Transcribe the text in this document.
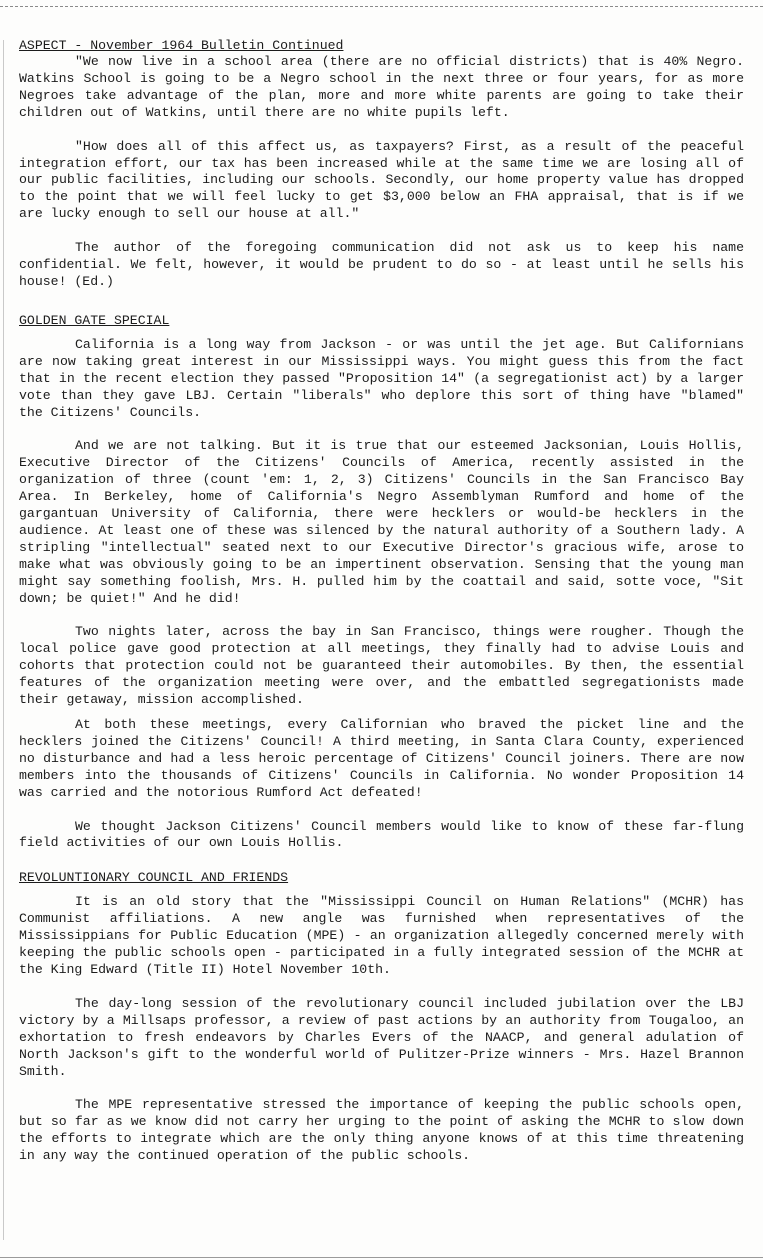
ASPECT - November 1964 Bulletin Continued

"We now live in a school area (there are no official districts) that is 40% Negro. Watkins School is going to be a Negro school in the next three or four years, for as more Negroes take advantage of the plan, more and more white parents are going to take their children out of Watkins, until there are no white pupils left.

"How does all of this affect us, as taxpayers? First, as a result of the peaceful integration effort, our tax has been increased while at the same time we are losing all of our public facilities, including our schools. Secondly, our home property value has dropped to the point that we will feel lucky to get $3,000 below an FHA appraisal, that is if we are lucky enough to sell our house at all."

The author of the foregoing communication did not ask us to keep his name confidential. We felt, however, it would be prudent to do so - at least until he sells his house! (Ed.)

GOLDEN GATE SPECIAL

California is a long way from Jackson - or was until the jet age. But Californians are now taking great interest in our Mississippi ways. You might guess this from the fact that in the recent election they passed "Proposition 14" (a segregationist act) by a larger vote than they gave LBJ. Certain "liberals" who deplore this sort of thing have "blamed" the Citizens' Councils.

And we are not talking. But it is true that our esteemed Jacksonian, Louis Hollis, Executive Director of the Citizens' Councils of America, recently assisted in the organization of three (count 'em: 1, 2, 3) Citizens' Councils in the San Francisco Bay Area. In Berkeley, home of California's Negro Assemblyman Rumford and home of the gargantuan University of California, there were hecklers or would-be hecklers in the audience. At least one of these was silenced by the natural authority of a Southern lady. A stripling "intellectual" seated next to our Executive Director's gracious wife, arose to make what was obviously going to be an impertinent observation. Sensing that the young man might say something foolish, Mrs. H. pulled him by the coattail and said, sotte voce, "Sit down; be quiet!" And he did!

Two nights later, across the bay in San Francisco, things were rougher. Though the local police gave good protection at all meetings, they finally had to advise Louis and cohorts that protection could not be guaranteed their automobiles. By then, the essential features of the organization meeting were over, and the embattled segregationists made their getaway, mission accomplished.

At both these meetings, every Californian who braved the picket line and the hecklers joined the Citizens' Council! A third meeting, in Santa Clara County, experienced no disturbance and had a less heroic percentage of Citizens' Council joiners. There are now members into the thousands of Citizens' Councils in California. No wonder Proposition 14 was carried and the notorious Rumford Act defeated!

We thought Jackson Citizens' Council members would like to know of these far-flung field activities of our own Louis Hollis.

REVOLUNTIONARY COUNCIL AND FRIENDS

It is an old story that the "Mississippi Council on Human Relations" (MCHR) has Communist affiliations. A new angle was furnished when representatives of the Mississippians for Public Education (MPE) - an organization allegedly concerned merely with keeping the public schools open - participated in a fully integrated session of the MCHR at the King Edward (Title II) Hotel November 10th.

The day-long session of the revolutionary council included jubilation over the LBJ victory by a Millsaps professor, a review of past actions by an authority from Tougaloo, an exhortation to fresh endeavors by Charles Evers of the NAACP, and general adulation of North Jackson's gift to the wonderful world of Pulitzer-Prize winners - Mrs. Hazel Brannon Smith.

The MPE representative stressed the importance of keeping the public schools open, but so far as we know did not carry her urging to the point of asking the MCHR to slow down the efforts to integrate which are the only thing anyone knows of at this time threatening in any way the continued operation of the public schools.
